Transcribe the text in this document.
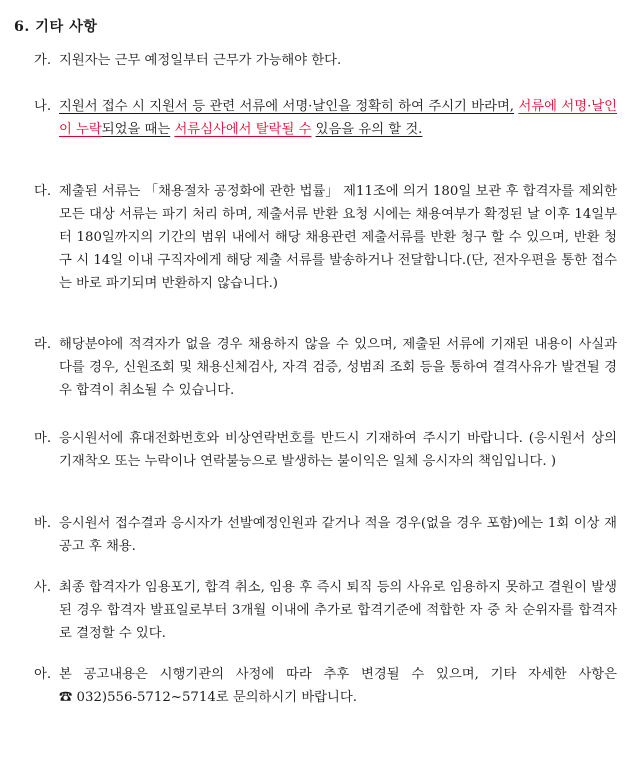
6. 기타 사항
가. 지원자는 근무 예정일부터 근무가 가능해야 한다.
나. 지원서 접수 시 지원서 등 관련 서류에 서명·날인을 정확히 하여 주시기 바라며, 서류에 서명·날인이 누락되었을 때는 서류심사에서 탈락될 수 있음을 유의 할 것.
다. 제출된 서류는 「채용절차 공정화에 관한 법률」 제11조에 의거 180일 보관 후 합격자를 제외한 모든 대상 서류는 파기 처리 하며, 제출서류 반환 요청 시에는 채용여부가 확정된 날 이후 14일부터 180일까지의 기간의 범위 내에서 해당 채용관련 제출서류를 반환 청구 할 수 있으며, 반환 청구 시 14일 이내 구직자에게 해당 제출 서류를 발송하거나 전달합니다.(단, 전자우편을 통한 접수는 바로 파기되며 반환하지 않습니다.)
라. 해당분야에 적격자가 없을 경우 채용하지 않을 수 있으며, 제출된 서류에 기재된 내용이 사실과 다를 경우, 신원조회 및 채용신체검사, 자격 검증, 성범죄 조회 등을 통하여 결격사유가 발견될 경우 합격이 취소될 수 있습니다.
마. 응시원서에 휴대전화번호와 비상연락번호를 반드시 기재하여 주시기 바랍니다. (응시원서 상의 기재착오 또는 누락이나 연락불능으로 발생하는 불이익은 일체 응시자의 책임입니다. )
바. 응시원서 접수결과 응시자가 선발예정인원과 같거나 적을 경우(없을 경우 포함)에는 1회 이상 재공고 후 채용.
사. 최종 합격자가 임용포기, 합격 취소, 임용 후 즉시 퇴직 등의 사유로 임용하지 못하고 결원이 발생된 경우 합격자 발표일로부터 3개월 이내에 추가로 합격기준에 적합한 자 중 차 순위자를 합격자로 결정할 수 있다.
아. 본 공고내용은 시행기관의 사정에 따라 추후 변경될 수 있으며, 기타 자세한 사항은 ☎ 032)556-5712~5714로 문의하시기 바랍니다.
